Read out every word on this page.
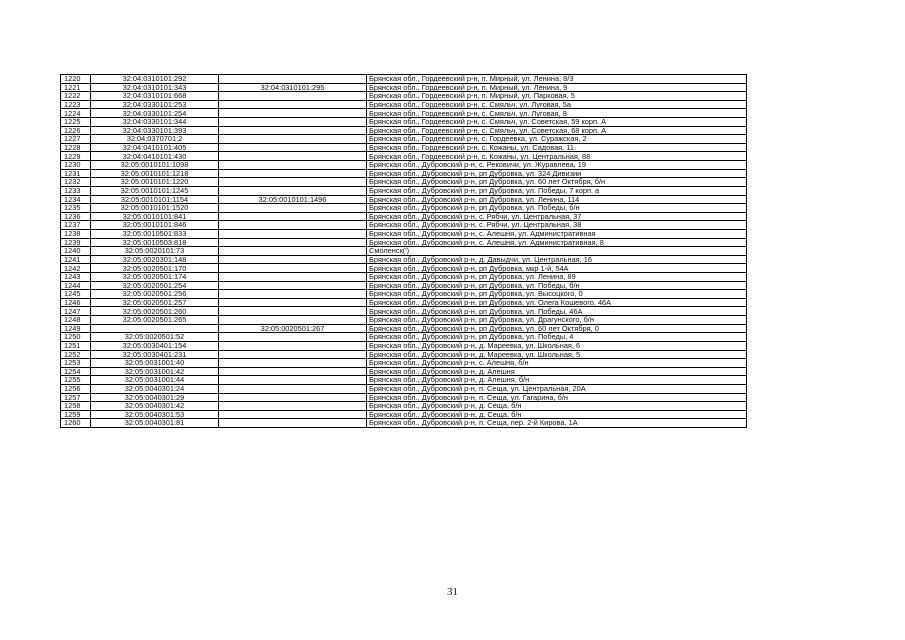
1220	32:04:0310101:292		Брянская обл., Гордеевский р-н, п. Мирный, ул. Ленина, 8/3
1221	32:04:0310101:343	32:04:0310101:295	Брянская обл., Гордеевский р-н, п. Мирный, ул. Ленина, 9
1222	32:04:0310101:668		Брянская обл., Гордеевский р-н, п. Мирный, ул. Парковая, 5
1223	32:04:0330101:253		Брянская обл., Гордеевский р-н, с. Смяльч, ул. Луговая, 5а
1224	32:04:0330101:254		Брянская обл., Гордеевский р-н, с. Смяльч, ул. Луговая, 8
1225	32:04:0330101:344		Брянская обл., Гордеевский р-н, с. Смяльч, ул. Советская, 59 корп. А
1226	32:04:0330101:393		Брянская обл., Гордеевский р-н, с. Смяльч, ул. Советская, 68 корп. А
1227	32:04:0370701:2		Брянская обл., Гордеевский р-н, с. Гордеевка, ул. Суражская, 2
1228	32:04:0410101:405		Брянская обл., Гордеевский р-н, с. Кожаны, ул. Садовая, 11
1229	32:04:0410101:430		Брянская обл., Гордеевский р-н, с. Кожаны, ул. Центральная, 88
1230	32:05:0010101:1098		Брянская обл., Дубровский р-н, с. Рековичи, ул. Журавлева, 19
1231	32:05:0010101:1218		Брянская обл., Дубровский р-н, рп Дубровка, ул. 324 Дивизии
1232	32:05:0010101:1220		Брянская обл., Дубровский р-н, рп Дубровка, ул. 60 лет Октября, б/н
1233	32:05:0010101:1245		Брянская обл., Дубровский р-н, рп Дубровка, ул. Победы, 7 корп. а
1234	32:05:0010101:1154	32:05:0010101:1496	Брянская обл., Дубровский р-н, рп Дубровка, ул. Ленина, 114
1235	32:05:0010101:1520		Брянская обл., Дубровский р-н, рп Дубровка, ул. Победы, б/н
1236	32:05:0010101:841		Брянская обл., Дубровский р-н, с. Рябчи, ул. Центральная, 37
1237	32:05:0010101:846		Брянская обл., Дубровский р-н, с. Рябчи, ул. Центральная, 38
1238	32:05:0010501:833		Брянская обл., Дубровский р-н, с. Алешня, ул. Административная
1239	32:05:0010503:818		Брянская обл., Дубровский р-н, с. Алешня, ул. Административная, 8
1240	32:05:0020101:73		Смоленск(')
1241	32:05:0020301:148		Брянская обл., Дубровский р-н, д. Давыдчи, ул. Центральная, 16
1242	32:05:0020501:170		Брянская обл., Дубровский р-н, рп Дубровка, мкр 1-й, 54А
1243	32:05:0020501:174		Брянская обл., Дубровский р-н, рп Дубровка, ул. Ленина, 89
1244	32:05:0020501:254		Брянская обл., Дубровский р-н, рп Дубровка, ул. Победы, б/н
1245	32:05:0020501:256		Брянская обл., Дубровский р-н, рп Дубровка, ул. Высоцкого, 0
1246	32:05:0020501:257		Брянская обл., Дубровский р-н, рп Дубровка, ул. Олега Кошевого, 46А
1247	32:05:0020501:260		Брянская обл., Дубровский р-н, рп Дубровка, ул. Победы, 46А
1248	32:05:0020501:265		Брянская обл., Дубровский р-н, рп Дубровка, ул. Драгунского, б/н
1249		32:05:0020501:267	Брянская обл., Дубровский р-н, рп Дубровка, ул. 60 лет Октября, 0
1250	32:05:0020501:52		Брянская обл., Дубровский р-н, рп Дубровка, ул. Победы, 4
1251	32:05:0030401:154		Брянская обл., Дубровский р-н, д. Мареевка, ул. Школьная, 6
1252	32:05:0030401:231		Брянская обл., Дубровский р-н, д. Мареевка, ул. Школьная, 5
1253	32:05:0031001:40		Брянская обл., Дубровский р-н, с. Алешня, б/н
1254	32:05:0031001:42		Брянская обл., Дубровский р-н, д. Алешня
1255	32:05:0031001:44		Брянская обл., Дубровский р-н, д. Алешня, б/н
1256	32:05:0040301:24		Брянская обл., Дубровский р-н, п. Сеща, ул. Центральная, 20А
1257	32:05:0040301:29		Брянская обл., Дубровский р-н, п. Сеща, ул. Гагарина, б/н
1258	32:05:0040301:42		Брянская обл., Дубровский р-н, д. Сеща, б/н
1259	32:05:0040301:53		Брянская обл., Дубровский р-н, д. Сеща, б/н
1260	32:05:0040301:81		Брянская обл., Дубровский р-н, п. Сеща, пер. 2-й Кирова, 1А
31
